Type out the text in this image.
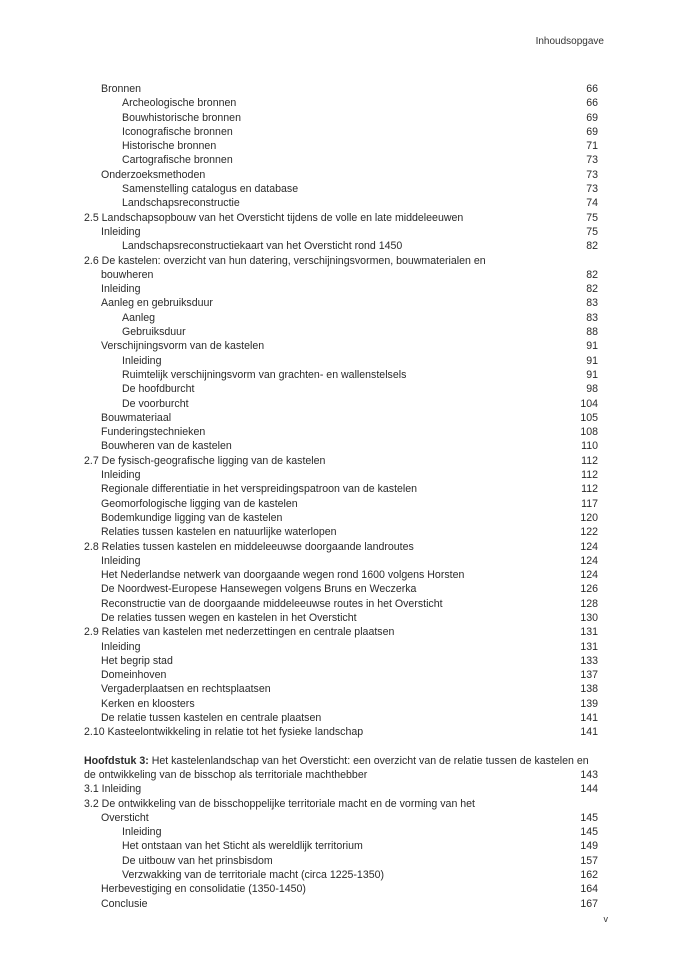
Inhoudsopgave
Bronnen	66
Archeologische bronnen	66
Bouwhistorische bronnen	69
Iconografische bronnen	69
Historische bronnen	71
Cartografische bronnen	73
Onderzoeksmethoden	73
Samenstelling catalogus en database	73
Landschapsreconstructie	74
2.5 Landschapsopbouw van het Oversticht tijdens de volle en late middeleeuwen	75
Inleiding	75
Landschapsreconstructiekaart van het Oversticht rond 1450	82
2.6 De kastelen: overzicht van hun datering, verschijningsvormen, bouwmaterialen en
bouwheren	82
Inleiding	82
Aanleg en gebruiksduur	83
Aanleg	83
Gebruiksduur	88
Verschijningsvorm van de kastelen	91
Inleiding	91
Ruimtelijk verschijningsvorm van grachten- en wallenstelsels	91
De hoofdburcht	98
De voorburcht	104
Bouwmateriaal	105
Funderingstechnieken	108
Bouwheren van de kastelen	110
2.7 De fysisch-geografische ligging van de kastelen	112
Inleiding	112
Regionale differentiatie in het verspreidingspatroon van de kastelen	112
Geomorfologische ligging van de kastelen	117
Bodemkundige ligging van de kastelen	120
Relaties tussen kastelen en natuurlijke waterlopen	122
2.8 Relaties tussen kastelen en middeleeuwse doorgaande landroutes	124
Inleiding	124
Het Nederlandse netwerk van doorgaande wegen rond 1600 volgens Horsten	124
De Noordwest-Europese Hansewegen volgens Bruns en Weczerka	126
Reconstructie van de doorgaande middeleeuwse routes in het Oversticht	128
De relaties tussen wegen en kastelen in het Oversticht	130
2.9 Relaties van kastelen met nederzettingen en centrale plaatsen	131
Inleiding	131
Het begrip stad	133
Domeinhoven	137
Vergaderplaatsen en rechtsplaatsen	138
Kerken en kloosters	139
De relatie tussen kastelen en centrale plaatsen	141
2.10 Kasteelontwikkeling in relatie tot het fysieke landschap	141
Hoofdstuk 3: Het kastelenlandschap van het Oversticht: een overzicht van de relatie tussen de kastelen en de ontwikkeling van de bisschop als territoriale machthebber	143
3.1 Inleiding	144
3.2 De ontwikkeling van de bisschoppelijke territoriale macht en de vorming van het
Oversticht	145
Inleiding	145
Het ontstaan van het Sticht als wereldlijk territorium	149
De uitbouw van het prinsbisdom	157
Verzwakking van de territoriale macht (circa 1225-1350)	162
Herbevestiging en consolidatie (1350-1450)	164
Conclusie	167
v
